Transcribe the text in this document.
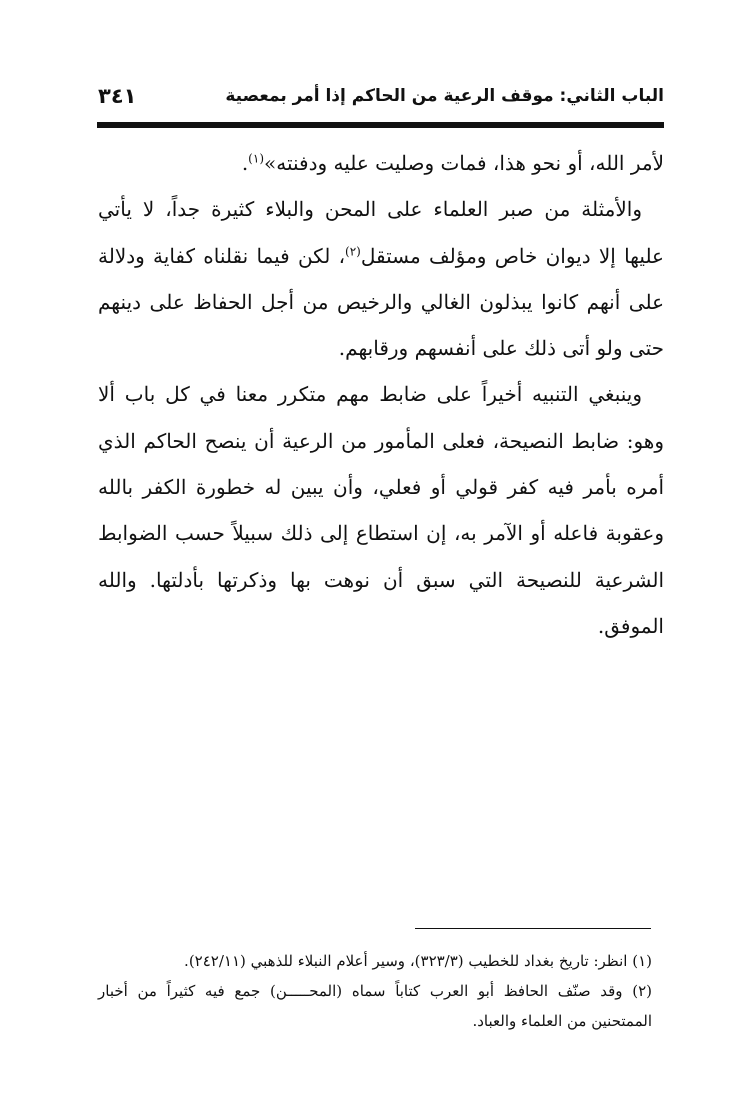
الباب الثاني: موقف الرعية من الحاكم إذا أمر بمعصية
٣٤١

لأمر الله، أو نحو هذا، فمات وصليت عليه ودفنته»$^{(١)}$.

والأمثلة من صبر العلماء على المحن والبلاء كثيرة جداً، لا يأتي عليها إلا ديوان خاص ومؤلف مستقل$^{(٢)}$، لكن فيما نقلناه كفاية ودلالة على أنهم كانوا يبذلون الغالي والرخيص من أجل الحفاظ على دينهم حتى ولو أتى ذلك على أنفسهم ورقابهم.

وينبغي التنبيه أخيراً على ضابط مهم متكرر معنا في كل باب ألا وهو: ضابط النصيحة، فعلى المأمور من الرعية أن ينصح الحاكم الذي أمره بأمر فيه كفر قولي أو فعلي، وأن يبين له خطورة الكفر بالله وعقوبة فاعله أو الآمر به، إن استطاع إلى ذلك سبيلاً حسب الضوابط الشرعية للنصيحة التي سبق أن نوهت بها وذكرتها بأدلتها. والله الموفق.

(١) انظر: تاريخ بغداد للخطيب (٣٢٣/٣)، وسير أعلام النبلاء للذهبي (٢٤٢/١١).

(٢) وقد صنّف الحافظ أبو العرب كتاباً سماه (المحـــــن) جمع فيه كثيراً من أخبار الممتحنين من العلماء والعباد.
